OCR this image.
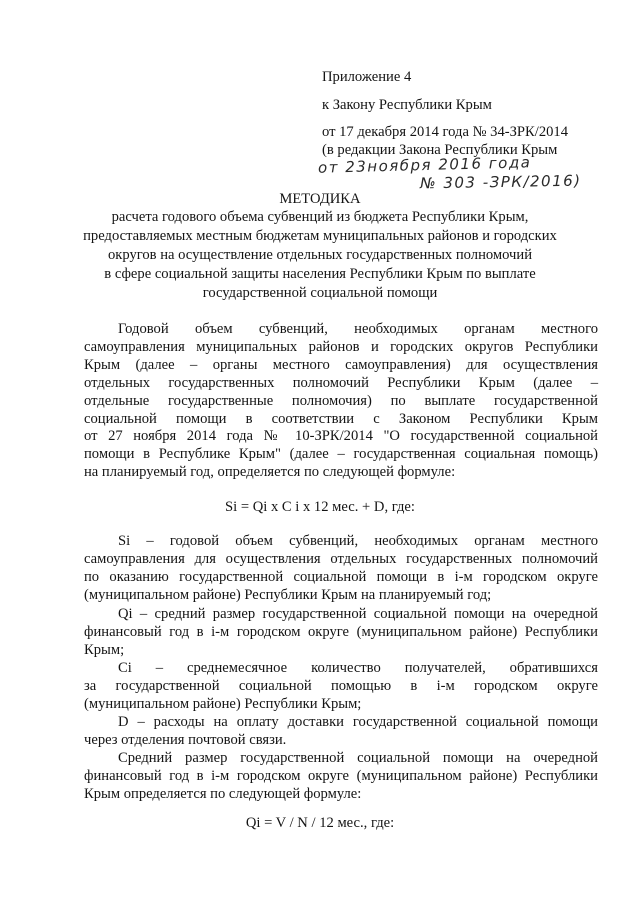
Приложение 4
к Закону Республики Крым
от 17 декабря 2014 года № 34-ЗРК/2014
(в редакции Закона Республики Крым
от 23ноября 2016 года
№ 303 -ЗРК/2016)
МЕТОДИКА
расчета годового объема субвенций из бюджета Республики Крым,
предоставляемых местным бюджетам муниципальных районов и городских
округов на осуществление отдельных государственных полномочий
в сфере социальной защиты населения Республики Крым по выплате
государственной социальной помощи
Годовой объем субвенций, необходимых органам местного
самоуправления муниципальных районов и городских округов Республики
Крым (далее – органы местного самоуправления) для осуществления
отдельных государственных полномочий Республики Крым (далее –
отдельные государственные полномочия) по выплате государственной
социальной помощи в соответствии с Законом Республики Крым
от 27 ноября 2014 года № 10-ЗРК/2014 "О государственной социальной
помощи в Республике Крым" (далее – государственная социальная помощь)
на планируемый год, определяется по следующей формуле:
Si = Qi x C i x 12 мес. + D, где:
Si – годовой объем субвенций, необходимых органам местного
самоуправления для осуществления отдельных государственных полномочий
по оказанию государственной социальной помощи в i-м городском округе
(муниципальном районе) Республики Крым на планируемый год;
Qi – средний размер государственной социальной помощи на очередной
финансовый год в i-м городском округе (муниципальном районе) Республики
Крым;
Ci – среднемесячное количество получателей, обратившихся
за государственной социальной помощью в i-м городском округе
(муниципальном районе) Республики Крым;
D – расходы на оплату доставки государственной социальной помощи
через отделения почтовой связи.
Средний размер государственной социальной помощи на очередной
финансовый год в i-м городском округе (муниципальном районе) Республики
Крым определяется по следующей формуле:
Qi = V / N / 12 мес., где:
